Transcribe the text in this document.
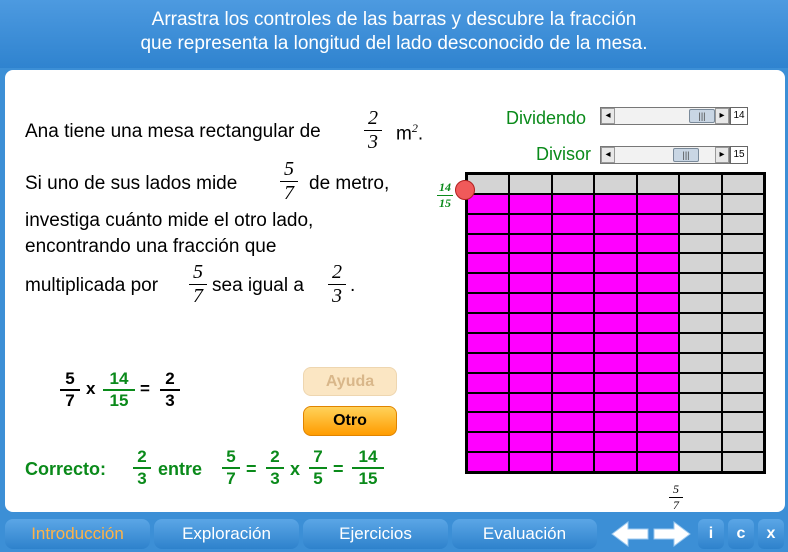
Arrastra los controles de las barras y descubre la fracción
que representa la longitud del lado desconocido de la mesa.
Ana tiene una mesa rectangular de
2
3 $m^2$.
Si uno de sus lados mide
5
7 de metro,
investiga cuánto mide el otro lado,
encontrando una fracción que
multiplicada por
5
7 sea igual a
2
3 .
5
7
x
14
15
=
2
3
Ayuda
Otro
Correcto:
2
3 entre
5
7 =
2
3 x
7
5 =
14
15
Dividendo	◂	|||	▸ 14
Divisor	◂	|||	▸ 15
14
15
5
7
Introducción	Exploración	Ejercicios	Evaluación	i	c	x
